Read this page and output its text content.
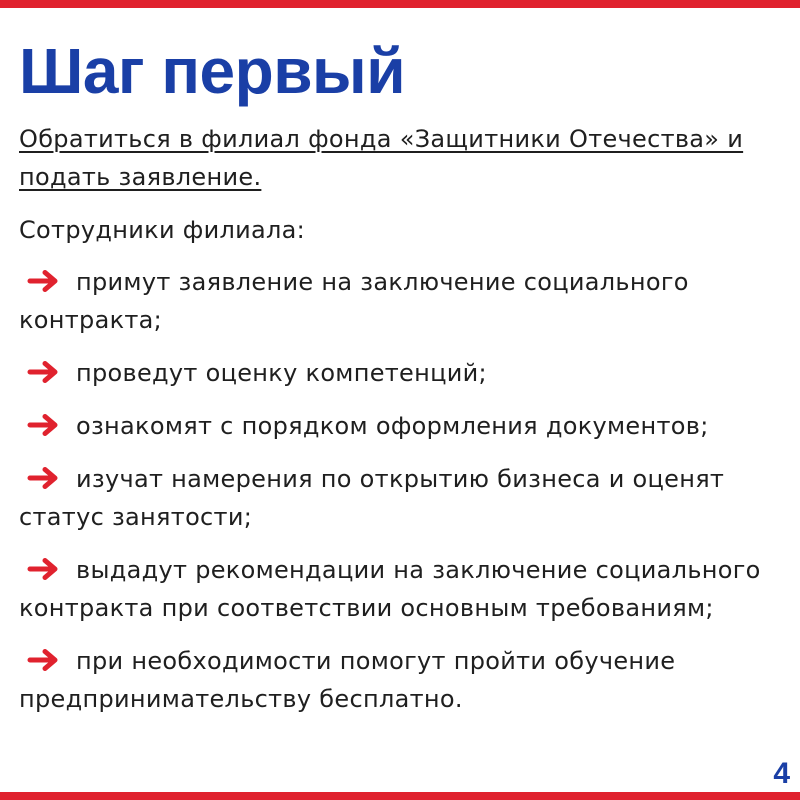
Шаг первый

Обратиться в филиал фонда «Защитники Отечества» и подать заявление.

Сотрудники филиала:

примут заявление на заключение социального контракта;
проведут оценку компетенций;
ознакомят с порядком оформления документов;
изучат намерения по открытию бизнеса и оценят статус занятости;
выдадут рекомендации на заключение социального контракта при соответствии основным требованиям;
при необходимости помогут пройти обучение предпринимательству бесплатно.
4
